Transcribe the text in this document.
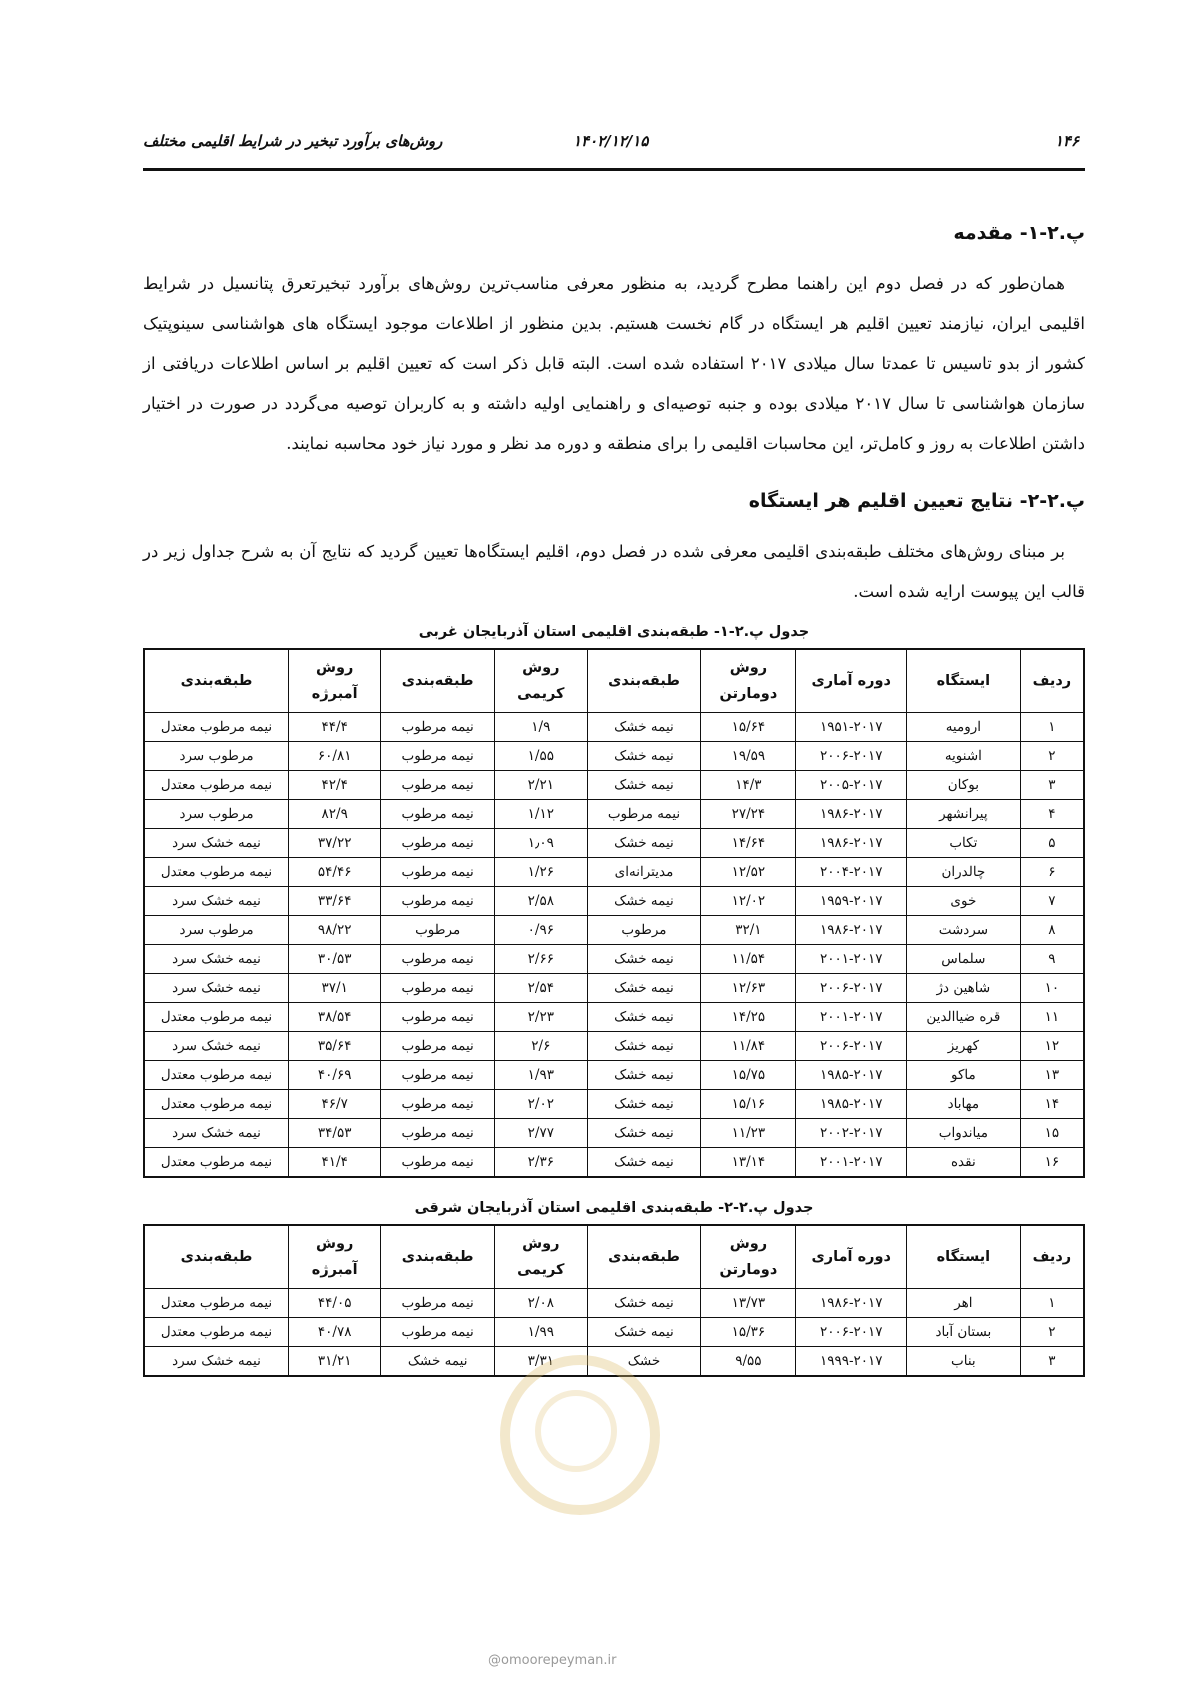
۱۴۶
۱۴۰۲/۱۲/۱۵
روش‌های برآورد تبخیر در شرایط اقلیمی مختلف
پ.۲-۱- مقدمه

همان‌طور که در فصل دوم این راهنما مطرح گردید، به منظور معرفی مناسب‌ترین روش‌های برآورد تبخیرتعرق پتانسیل در شرایط اقلیمی ایران، نیازمند تعیین اقلیم هر ایستگاه در گام نخست هستیم. بدین منظور از اطلاعات موجود ایستگاه های هواشناسی سینوپتیک کشور از بدو تاسیس تا عمدتا سال میلادی ۲۰۱۷ استفاده شده است. البته قابل ذکر است که تعیین اقلیم بر اساس اطلاعات دریافتی از سازمان هواشناسی تا سال ۲۰۱۷ میلادی بوده و جنبه توصیه‌ای و راهنمایی اولیه داشته و به کاربران توصیه می‌گردد در صورت در اختیار داشتن اطلاعات به روز و کامل‌تر، این محاسبات اقلیمی را برای منطقه و دوره مد نظر و مورد نیاز خود محاسبه نمایند.

پ.۲-۲- نتایج تعیین اقلیم هر ایستگاه

بر مبنای روش‌های مختلف طبقه‌بندی اقلیمی معرفی شده در فصل دوم، اقلیم ایستگاه‌ها تعیین گردید که نتایج آن به شرح جداول زیر در قالب این پیوست ارایه شده است.

جدول پ.۲-۱- طبقه‌بندی اقلیمی استان آذربایجان غربی
ردیف	ایستگاه	دوره آماری	روش دومارتن	طبقه‌بندی	روش کریمی	طبقه‌بندی	روش آمبرژه	طبقه‌بندی
۱	ارومیه	۱۹۵۱-۲۰۱۷	۱۵/۶۴	نیمه خشک	۱/۹	نیمه مرطوب	۴۴/۴	نیمه مرطوب معتدل
۲	اشنویه	۲۰۰۶-۲۰۱۷	۱۹/۵۹	نیمه خشک	۱/۵۵	نیمه مرطوب	۶۰/۸۱	مرطوب سرد
۳	بوکان	۲۰۰۵-۲۰۱۷	۱۴/۳	نیمه خشک	۲/۲۱	نیمه مرطوب	۴۲/۴	نیمه مرطوب معتدل
۴	پیرانشهر	۱۹۸۶-۲۰۱۷	۲۷/۲۴	نیمه مرطوب	۱/۱۲	نیمه مرطوب	۸۲/۹	مرطوب سرد
۵	تکاب	۱۹۸۶-۲۰۱۷	۱۴/۶۴	نیمه خشک	۱٫۰۹	نیمه مرطوب	۳۷/۲۲	نیمه خشک سرد
۶	چالدران	۲۰۰۴-۲۰۱۷	۱۲/۵۲	مدیترانه‌ای	۱/۲۶	نیمه مرطوب	۵۴/۴۶	نیمه مرطوب معتدل
۷	خوی	۱۹۵۹-۲۰۱۷	۱۲/۰۲	نیمه خشک	۲/۵۸	نیمه مرطوب	۳۳/۶۴	نیمه خشک سرد
۸	سردشت	۱۹۸۶-۲۰۱۷	۳۲/۱	مرطوب	۰/۹۶	مرطوب	۹۸/۲۲	مرطوب سرد
۹	سلماس	۲۰۰۱-۲۰۱۷	۱۱/۵۴	نیمه خشک	۲/۶۶	نیمه مرطوب	۳۰/۵۳	نیمه خشک سرد
۱۰	شاهین دژ	۲۰۰۶-۲۰۱۷	۱۲/۶۳	نیمه خشک	۲/۵۴	نیمه مرطوب	۳۷/۱	نیمه خشک سرد
۱۱	قره ضیاالدین	۲۰۰۱-۲۰۱۷	۱۴/۲۵	نیمه خشک	۲/۲۳	نیمه مرطوب	۳۸/۵۴	نیمه مرطوب معتدل
۱۲	کهریز	۲۰۰۶-۲۰۱۷	۱۱/۸۴	نیمه خشک	۲/۶	نیمه مرطوب	۳۵/۶۴	نیمه خشک سرد
۱۳	ماکو	۱۹۸۵-۲۰۱۷	۱۵/۷۵	نیمه خشک	۱/۹۳	نیمه مرطوب	۴۰/۶۹	نیمه مرطوب معتدل
۱۴	مهاباد	۱۹۸۵-۲۰۱۷	۱۵/۱۶	نیمه خشک	۲/۰۲	نیمه مرطوب	۴۶/۷	نیمه مرطوب معتدل
۱۵	میاندواب	۲۰۰۲-۲۰۱۷	۱۱/۲۳	نیمه خشک	۲/۷۷	نیمه مرطوب	۳۴/۵۳	نیمه خشک سرد
۱۶	نقده	۲۰۰۱-۲۰۱۷	۱۳/۱۴	نیمه خشک	۲/۳۶	نیمه مرطوب	۴۱/۴	نیمه مرطوب معتدل
جدول پ.۲-۲- طبقه‌بندی اقلیمی استان آذربایجان شرقی
ردیف	ایستگاه	دوره آماری	روش دومارتن	طبقه‌بندی	روش کریمی	طبقه‌بندی	روش آمبرژه	طبقه‌بندی
۱	اهر	۱۹۸۶-۲۰۱۷	۱۳/۷۳	نیمه خشک	۲/۰۸	نیمه مرطوب	۴۴/۰۵	نیمه مرطوب معتدل
۲	بستان آباد	۲۰۰۶-۲۰۱۷	۱۵/۳۶	نیمه خشک	۱/۹۹	نیمه مرطوب	۴۰/۷۸	نیمه مرطوب معتدل
۳	بناب	۱۹۹۹-۲۰۱۷	۹/۵۵	خشک	۳/۳۱	نیمه خشک	۳۱/۲۱	نیمه خشک سرد
@omoorepeyman.ir
